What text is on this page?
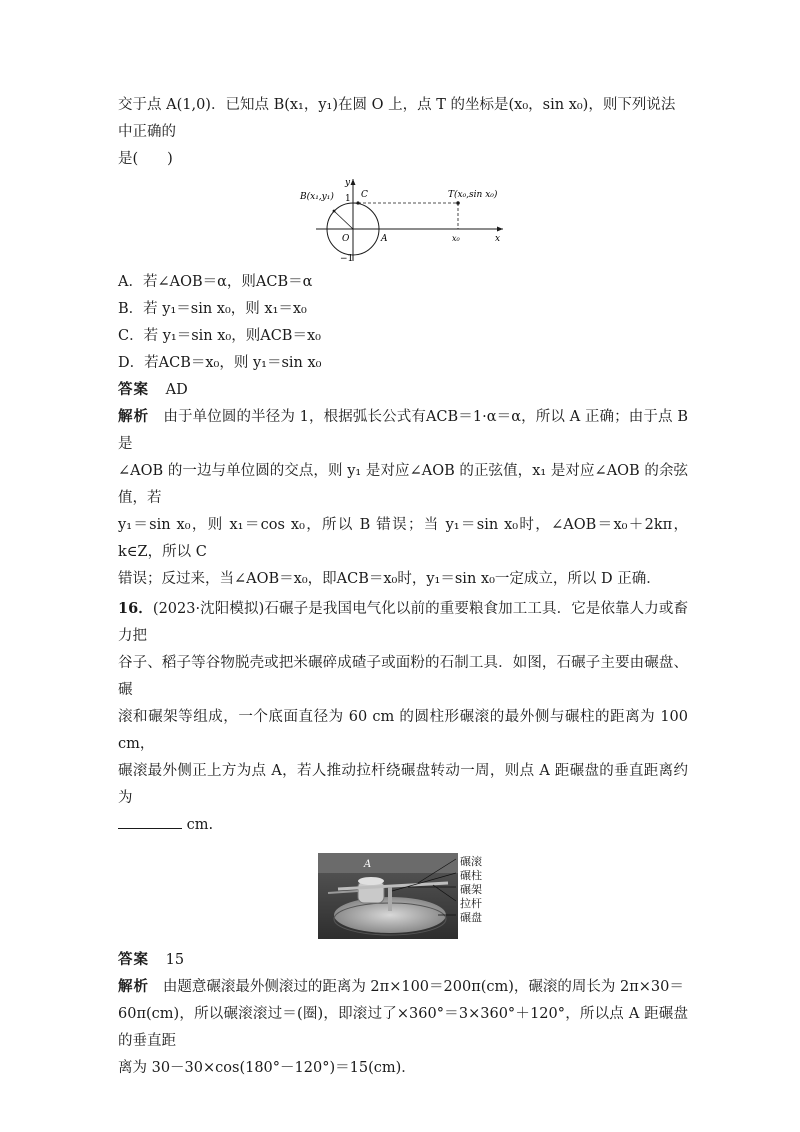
交于点 A(1,0)．已知点 B(x₁，y₁)在圆 O 上，点 T 的坐标是(x₀，sin x₀)，则下列说法中正确的

是(　　)

B(x₁,y₁)	C	T(x₀,sin x₀)
y
x
1
−1
O	A	x₀

A．若∠AOB＝α，则ACB＝α

B．若 y₁＝sin x₀，则 x₁＝x₀

C．若 y₁＝sin x₀，则ACB＝x₀

D．若ACB＝x₀，则 y₁＝sin x₀

答案 AD

解析 由于单位圆的半径为 1，根据弧长公式有ACB＝1·α＝α，所以 A 正确；由于点 B 是

∠AOB 的一边与单位圆的交点，则 y₁ 是对应∠AOB 的正弦值，x₁ 是对应∠AOB 的余弦值，若

y₁＝sin x₀，则 x₁＝cos x₀，所以 B 错误；当 y₁＝sin x₀时，∠AOB＝x₀＋2kπ，k∈Z，所以 C

错误；反过来，当∠AOB＝x₀，即ACB＝x₀时，y₁＝sin x₀一定成立，所以 D 正确．

16．(2023·沈阳模拟)石碾子是我国电气化以前的重要粮食加工工具．它是依靠人力或畜力把

谷子、稻子等谷物脱壳或把米碾碎成碴子或面粉的石制工具．如图，石碾子主要由碾盘、碾

滚和碾架等组成，一个底面直径为 60 cm 的圆柱形碾滚的最外侧与碾柱的距离为 100 cm，

碾滚最外侧正上方为点 A，若人推动拉杆绕碾盘转动一周，则点 A 距碾盘的垂直距离约为

cm.

A	碾滚
碾柱
碾架
拉杆
碾盘

答案 15

解析 由题意碾滚最外侧滚过的距离为 2π×100＝200π(cm)，碾滚的周长为 2π×30＝

60π(cm)，所以碾滚滚过＝(圈)，即滚过了×360°＝3×360°＋120°，所以点 A 距碾盘的垂直距

离为 30－30×cos(180°－120°)＝15(cm)．
